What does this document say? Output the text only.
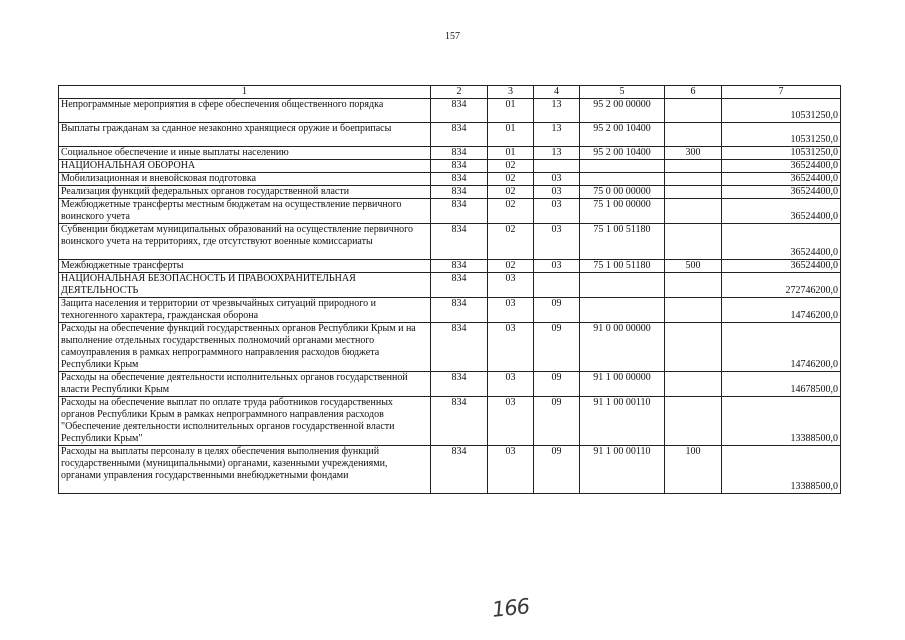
157
1	2	3	4	5	6	7
Непрограммные мероприятия в сфере обеспечения общественного порядка	834	01	13	95 2 00 00000		10531250,0
Выплаты гражданам за сданное незаконно хранящиеся оружие и боеприпасы	834	01	13	95 2 00 10400		10531250,0
Социальное обеспечение и иные выплаты населению	834	01	13	95 2 00 10400	300	10531250,0
НАЦИОНАЛЬНАЯ ОБОРОНА	834	02				36524400,0
Мобилизационная и вневойсковая подготовка	834	02	03			36524400,0
Реализация функций федеральных органов государственной власти	834	02	03	75 0 00 00000		36524400,0
Межбюджетные трансферты местным бюджетам на осуществление первичного воинского учета	834	02	03	75 1 00 00000		36524400,0
Субвенции бюджетам муниципальных образований на осуществление первичного воинского учета на территориях, где отсутствуют военные комиссариаты	834	02	03	75 1 00 51180		36524400,0
Межбюджетные трансферты	834	02	03	75 1 00 51180	500	36524400,0
НАЦИОНАЛЬНАЯ БЕЗОПАСНОСТЬ И ПРАВООХРАНИТЕЛЬНАЯ ДЕЯТЕЛЬНОСТЬ	834	03				272746200,0
Защита населения и территории от чрезвычайных ситуаций природного и техногенного характера, гражданская оборона	834	03	09			14746200,0
Расходы на обеспечение функций государственных органов Республики Крым и на выполнение отдельных государственных полномочий органами местного самоуправления в рамках непрограммного направления расходов бюджета Республики Крым	834	03	09	91 0 00 00000		14746200,0
Расходы на обеспечение деятельности исполнительных органов государственной власти Республики Крым	834	03	09	91 1 00 00000		14678500,0
Расходы на обеспечение выплат по оплате труда работников государственных органов Республики Крым в рамках непрограммного направления расходов "Обеспечение деятельности исполнительных органов государственной власти Республики Крым"	834	03	09	91 1 00 00110		13388500,0
Расходы на выплаты персоналу в целях обеспечения выполнения функций государственными (муниципальными) органами, казенными учреждениями, органами управления государственными внебюджетными фондами	834	03	09	91 1 00 00110	100	13388500,0
166
